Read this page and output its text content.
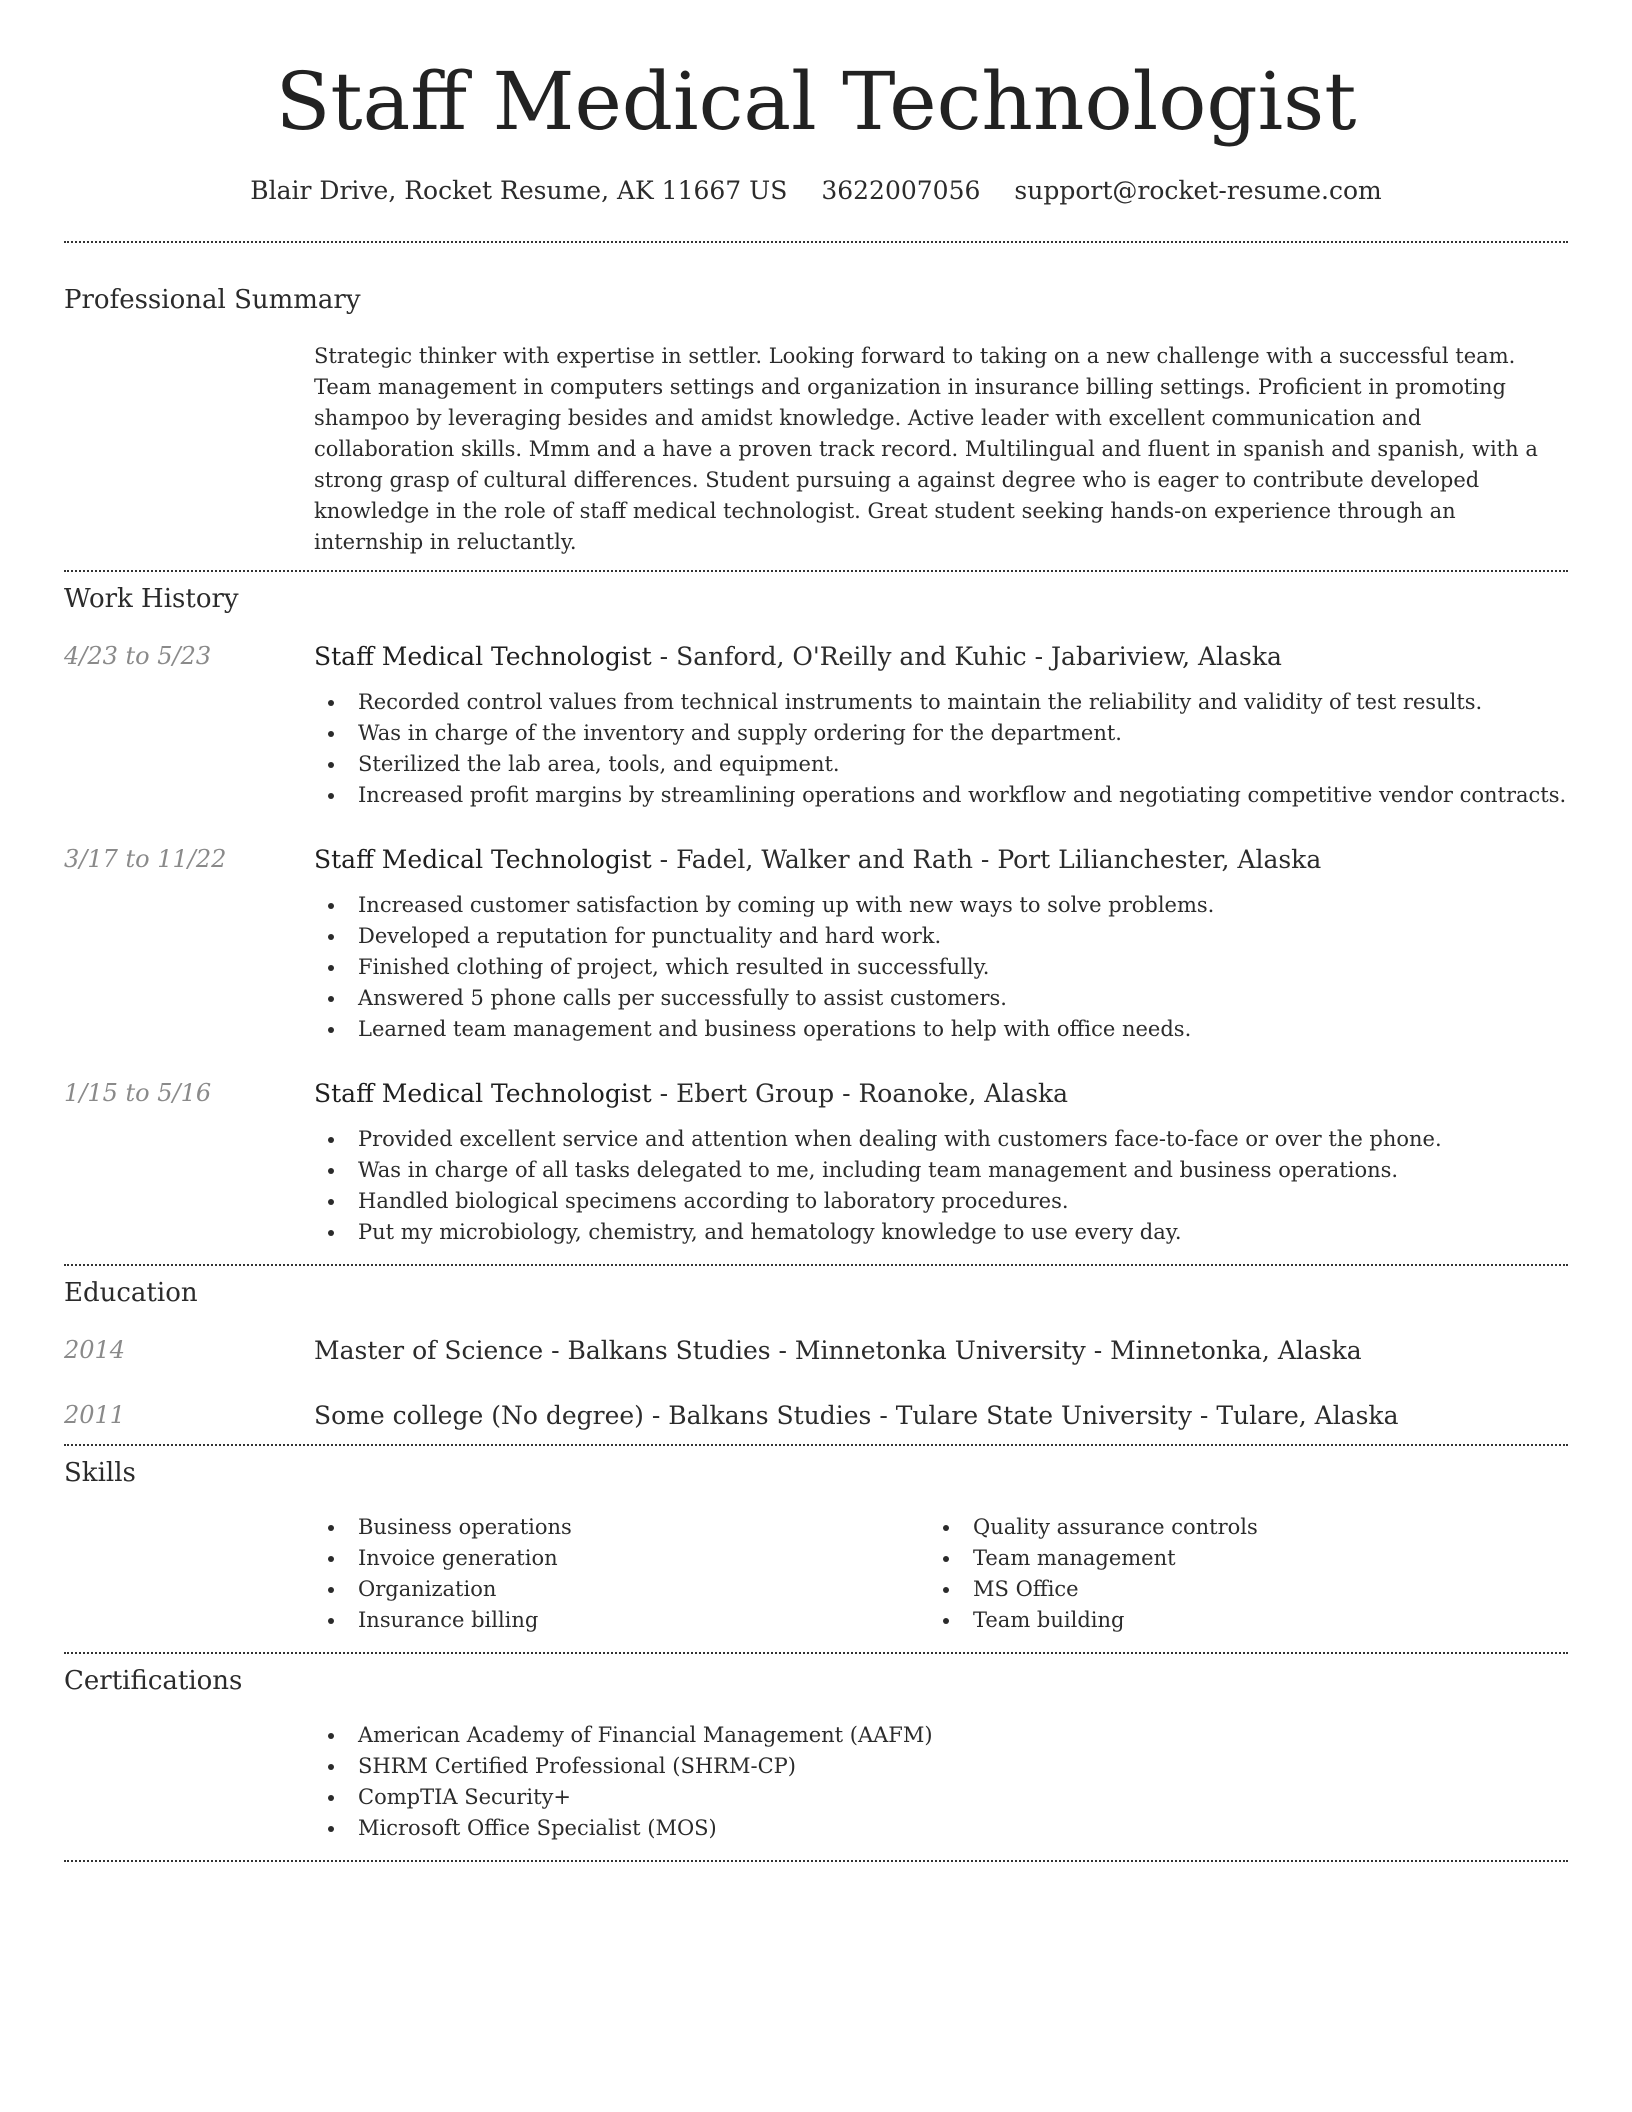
Staff Medical Technologist
Blair Drive, Rocket Resume, AK 11667 US 3622007056 support@rocket-resume.com
Professional Summary

Strategic thinker with expertise in settler. Looking forward to taking on a new challenge with a successful team. Team management in computers settings and organization in insurance billing settings. Proficient in promoting shampoo by leveraging besides and amidst knowledge. Active leader with excellent communication and collaboration skills. Mmm and a have a proven track record. Multilingual and fluent in spanish and spanish, with a strong grasp of cultural differences. Student pursuing a against degree who is eager to contribute developed knowledge in the role of staff medical technologist. Great student seeking hands-on experience through an internship in reluctantly.

Work History
4/23 to 5/23	Staff Medical Technologist - Sanford, O'Reilly and Kuhic - Jabariview, Alaska
Recorded control values from technical instruments to maintain the reliability and validity of test results.
Was in charge of the inventory and supply ordering for the department.
Sterilized the lab area, tools, and equipment.
Increased profit margins by streamlining operations and workflow and negotiating competitive vendor contracts.
3/17 to 11/22	Staff Medical Technologist - Fadel, Walker and Rath - Port Lilianchester, Alaska
Increased customer satisfaction by coming up with new ways to solve problems.
Developed a reputation for punctuality and hard work.
Finished clothing of project, which resulted in successfully.
Answered 5 phone calls per successfully to assist customers.
Learned team management and business operations to help with office needs.
1/15 to 5/16	Staff Medical Technologist - Ebert Group - Roanoke, Alaska
Provided excellent service and attention when dealing with customers face-to-face or over the phone.
Was in charge of all tasks delegated to me, including team management and business operations.
Handled biological specimens according to laboratory procedures.
Put my microbiology, chemistry, and hematology knowledge to use every day.
Education
2014	Master of Science - Balkans Studies - Minnetonka University - Minnetonka, Alaska
2011	Some college (No degree) - Balkans Studies - Tulare State University - Tulare, Alaska
Skills
Business operations
Invoice generation
Organization
Insurance billing
Quality assurance controls
Team management
MS Office
Team building
Certifications
American Academy of Financial Management (AAFM)
SHRM Certified Professional (SHRM-CP)
CompTIA Security+
Microsoft Office Specialist (MOS)
